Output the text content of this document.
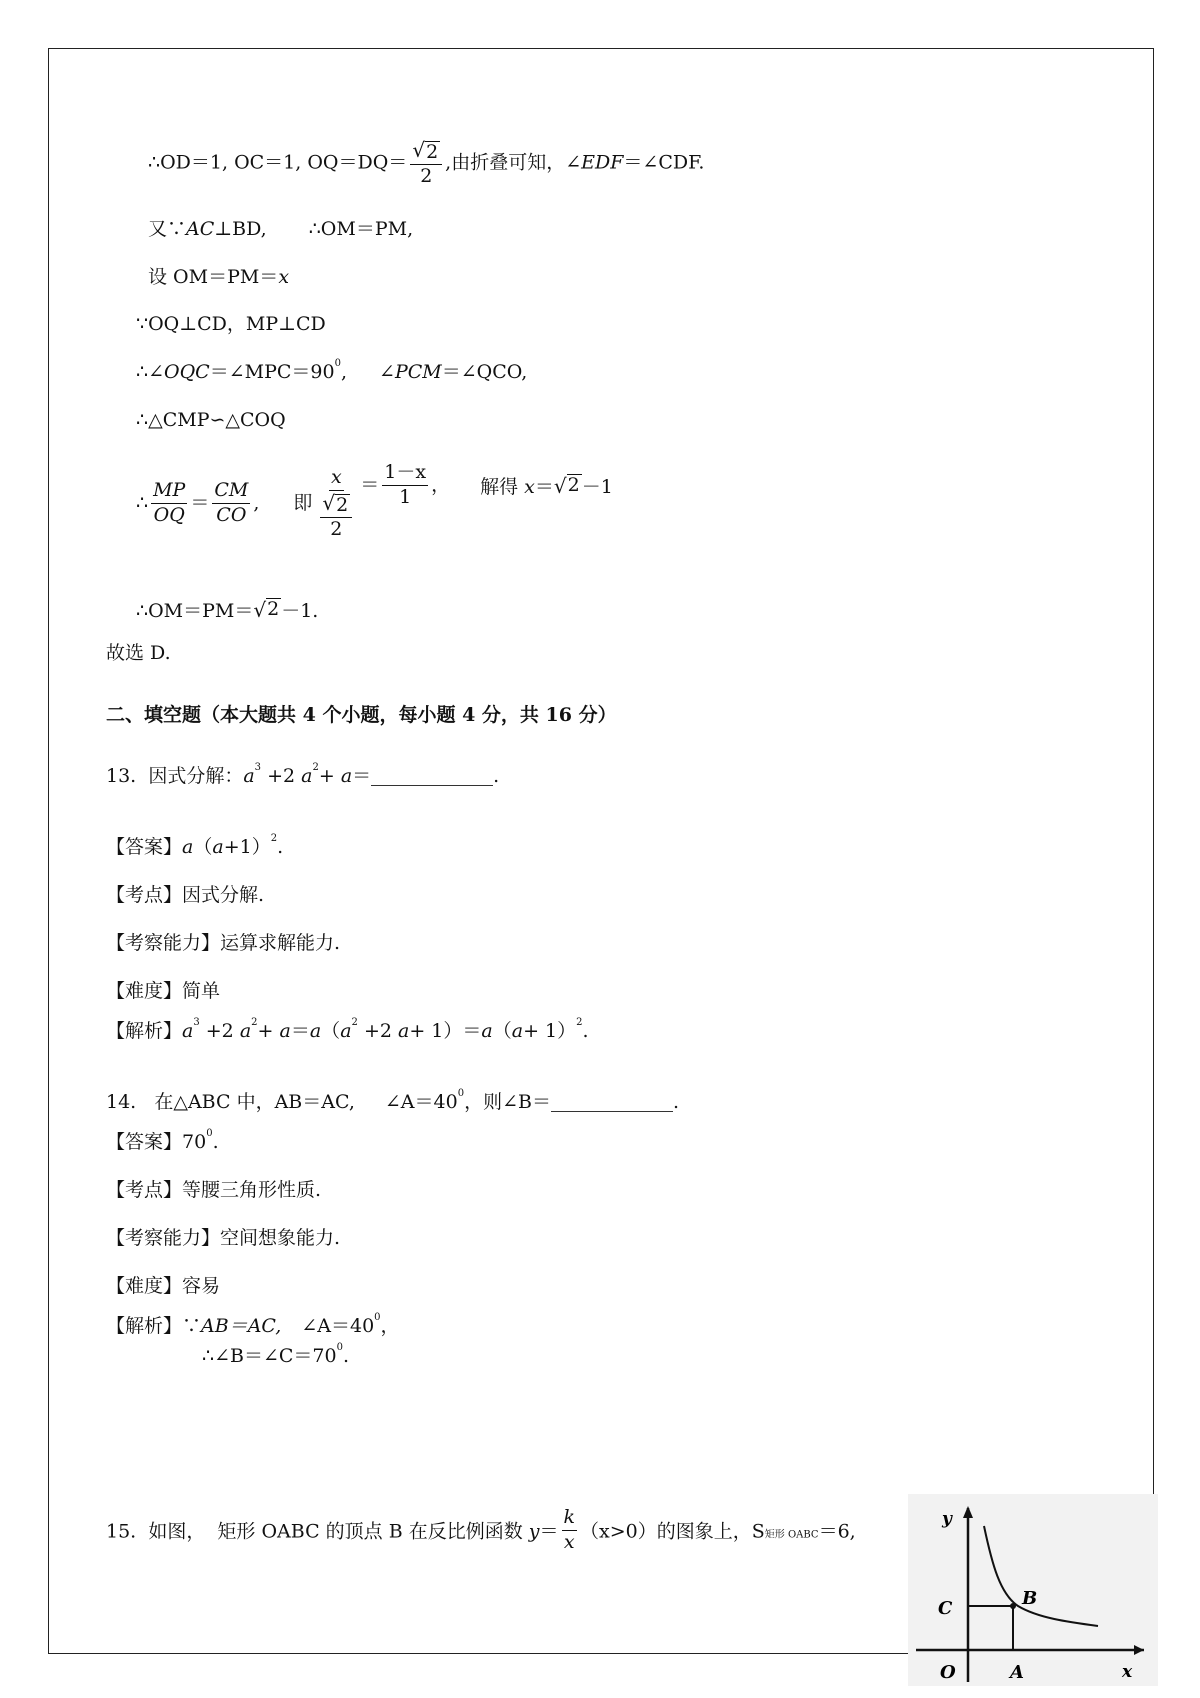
∴OD＝1, OC＝1, $OQ=DQ= \frac{√ 2}{2}$ ,由折叠可知，∠EDF＝∠CDF.
又∵AC⊥BD, ∴OM＝PM,
设 OM＝PM＝x
∵OQ⊥CD，MP⊥CD
$\therefore\angle OQC=\angle MPC=90^0$, ∠PCM＝∠QCO,
∴△CMP∽△COQ
∴ $\frac{MP}{OQ} = \frac{CM}{CO}$ , 即 $\frac{x}{\frac{√ 2}{2}} = \frac{1-x}{1}$ ， 解得 x＝ √ 2 －1
∴OM＝PM＝ √ 2 －1.
故选 D.
二、填空题（本大题共 4 个小题，每小题 4 分，共 16 分）
13. 因式分解：$a^3 +2$ $a^2+ a=$	.
【答案】$a(a+1)^2$.
【考点】因式分解.
【考察能力】运算求解能力.
【难度】简单
【解析】$a^3 +2$ $a^2+ a=a(a^2 +2$ $a+ 1)=a(a+ 1)^2$.
14. 在△ABC 中，AB＝AC, $\angle A=40^0$，则∠B＝	.
【答案】$70^0$.
【考点】等腰三角形性质.
【考察能力】空间想象能力.
【难度】容易
【解析】∵AB＝AC, $\angle A=40^0$，
$\therefore\angle B=\angle C=70^0$.
15. 如图， 矩形 OABC 的顶点 B 在反比例函数 $y= \frac{k}{x} (x>0)$的图象上，S矩形 OABC＝6,
y
x
O	A
B
C
